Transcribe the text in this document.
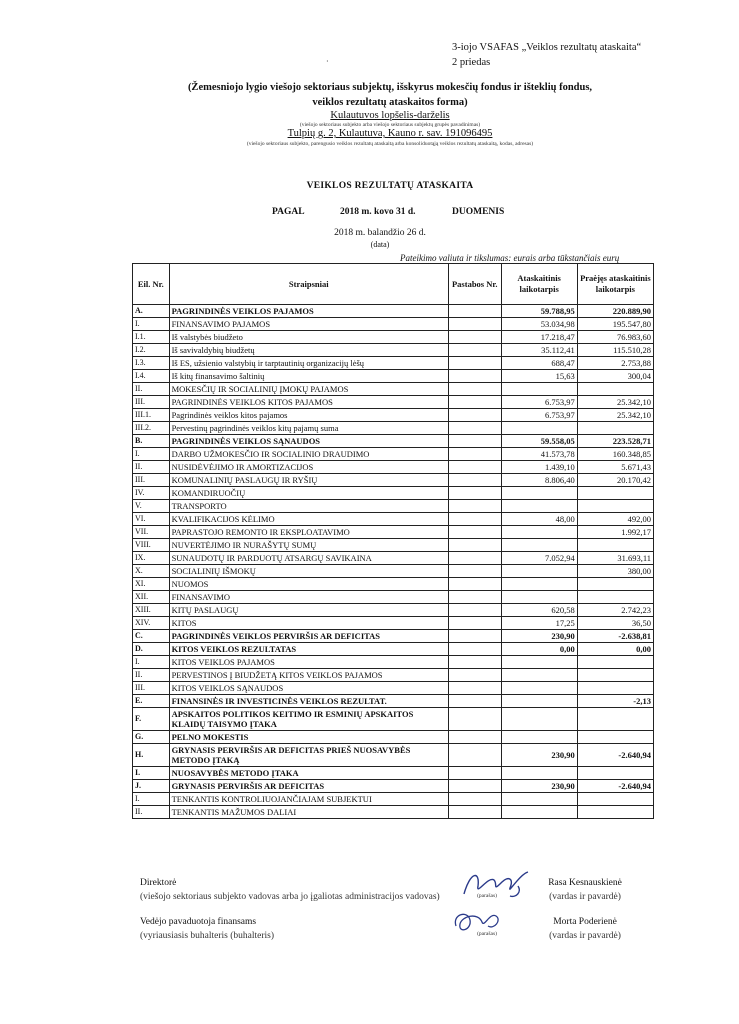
·
3-iojo VSAFAS „Veiklos rezultatų ataskaita“
2 priedas
(Žemesniojo lygio viešojo sektoriaus subjektų, išskyrus mokesčių fondus ir išteklių fondus,
veiklos rezultatų ataskaitos forma)
Kulautuvos lopšelis-darželis
(viešojo sektoriaus subjekto arba viešojo sektoriaus subjektų grupės pavadinimas)
Tulpių g. 2, Kulautuva, Kauno r. sav. 191096495
(viešojo sektoriaus subjekto, parengusio veiklos rezultatų ataskaitą arba konsoliduotąją veiklos rezultatų ataskaitą, kodas, adresas)
VEIKLOS REZULTATŲ ATASKAITA
PAGAL	2018 m. kovo 31 d.	DUOMENIS
2018 m. balandžio 26 d.
(data)
Pateikimo valiuta ir tikslumas: eurais arba tūkstančiais eurų
Eil. Nr.	Straipsniai	Pastabos Nr.	Ataskaitinis laikotarpis	Praėjęs ataskaitinis laikotarpis
A.	PAGRINDINĖS VEIKLOS PAJAMOS		59.788,95	220.889,90
I.	FINANSAVIMO PAJAMOS		53.034,98	195.547,80
I.1.	Iš valstybės biudžeto		17.218,47	76.983,60
I.2.	Iš savivaldybių biudžetų		35.112,41	115.510,28
I.3.	Iš ES, užsienio valstybių ir tarptautinių organizacijų lėšų		688,47	2.753,88
I.4.	Iš kitų finansavimo šaltinių		15,63	300,04
II.	MOKESČIŲ IR SOCIALINIŲ ĮMOKŲ PAJAMOS			
III.	PAGRINDINĖS VEIKLOS KITOS PAJAMOS		6.753,97	25.342,10
III.1.	Pagrindinės veiklos kitos pajamos		6.753,97	25.342,10
III.2.	Pervestinų pagrindinės veiklos kitų pajamų suma			
B.	PAGRINDINĖS VEIKLOS SĄNAUDOS		59.558,05	223.528,71
I.	DARBO UŽMOKESČIO IR SOCIALINIO DRAUDIMO		41.573,78	160.348,85
II.	NUSIDĖVĖJIMO IR AMORTIZACIJOS		1.439,10	5.671,43
III.	KOMUNALINIŲ PASLAUGŲ IR RYŠIŲ		8.806,40	20.170,42
IV.	KOMANDIRUOČIŲ			
V.	TRANSPORTO			
VI.	KVALIFIKACIJOS KĖLIMO		48,00	492,00
VII.	PAPRASTOJO REMONTO IR EKSPLOATAVIMO			1.992,17
VIII.	NUVERTĖJIMO IR NURAŠYTŲ SUMŲ			
IX.	SUNAUDOTŲ IR PARDUOTŲ ATSARGŲ SAVIKAINA		7.052,94	31.693,11
X.	SOCIALINIŲ IŠMOKŲ			380,00
XI.	NUOMOS			
XII.	FINANSAVIMO			
XIII.	KITŲ PASLAUGŲ		620,58	2.742,23
XIV.	KITOS		17,25	36,50
C.	PAGRINDINĖS VEIKLOS PERVIRŠIS AR DEFICITAS		230,90	-2.638,81
D.	KITOS VEIKLOS REZULTATAS		0,00	0,00
I.	KITOS VEIKLOS PAJAMOS			
II.	PERVESTINOS Į BIUDŽETĄ KITOS VEIKLOS PAJAMOS			
III.	KITOS VEIKLOS SĄNAUDOS			
E.	FINANSINĖS IR INVESTICINĖS VEIKLOS REZULTAT.			-2,13
F.	APSKAITOS POLITIKOS KEITIMO IR ESMINIŲ APSKAITOS KLAIDŲ TAISYMO ĮTAKA			
G.	PELNO MOKESTIS			
H.	GRYNASIS PERVIRŠIS AR DEFICITAS PRIEŠ NUOSAVYBĖS METODO ĮTAKĄ		230,90	-2.640,94
I.	NUOSAVYBĖS METODO ĮTAKA			
J.	GRYNASIS PERVIRŠIS AR DEFICITAS		230,90	-2.640,94
I.	TENKANTIS KONTROLIUOJANČIAJAM SUBJEKTUI			
II.	TENKANTIS MAŽUMOS DALIAI			
Direktorė
(viešojo sektoriaus subjekto vadovas arba jo įgaliotas administracijos vadovas)	(parašas)
Rasa Kesnauskienė
(vardas ir pavardė)
Vedėjo pavaduotoja finansams
(vyriausiasis buhalteris (buhalteris)	(parašas)
Morta Poderienė
(vardas ir pavardė)
